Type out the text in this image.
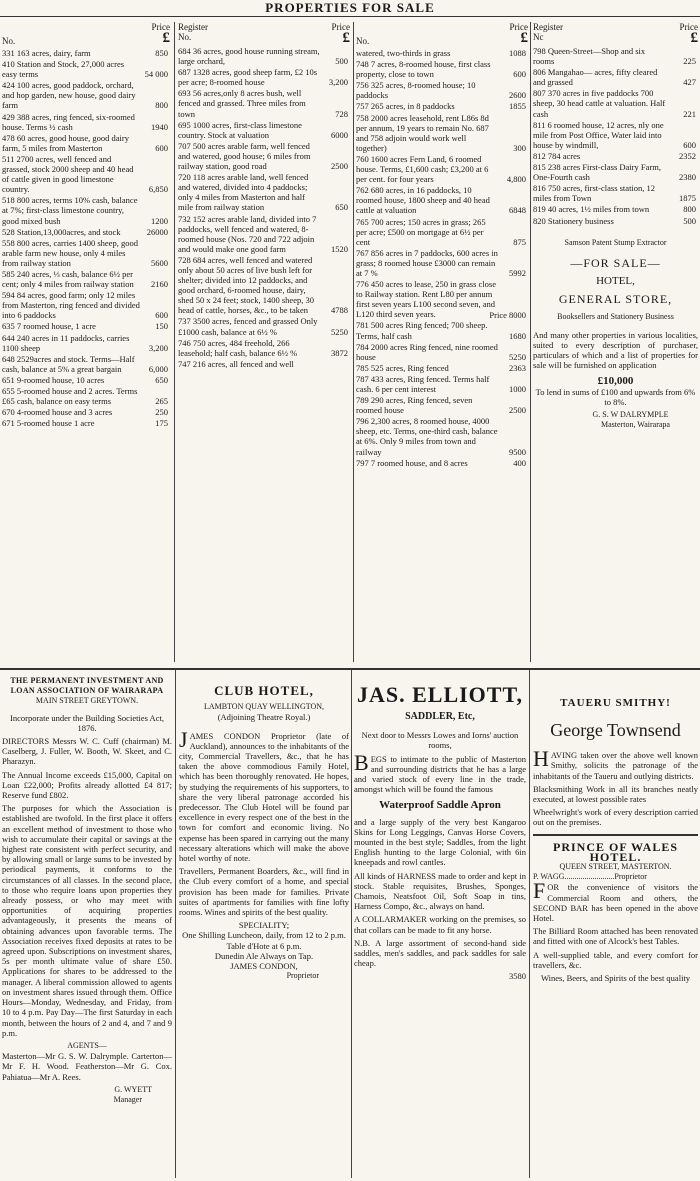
PROPERTIES FOR SALE
No.
Price
£
331 163 acres, dairy, farm	850
410 Station and Stock, 27,000 acres easy terms	54 000
424 100 acres, good paddock, orchard, and hop garden, new house, good dairy farm	800
429 388 acres, ring fenced, six-roomed house. Terms ½ cash	1940
478 60 acres, good house, good dairy farm, 5 miles from Masterton	600
511 2700 acres, well fenced and grassed, stock 2000 sheep and 40 head of cattle given in good limestone country.	6,850
518 800 acres, terms 10% cash, balance at 7%; first-class limestone country, good mixed bush	1200
528 Station,13,000acres, and stock	26000
558 800 acres, carries 1400 sheep, good arable farm new house, only 4 miles from railway station	5600
585 240 acres, ⅓ cash, balance 6½ per cent; only 4 miles from railway station 2160
594 84 acres, good farm; only 12 miles from Masterton, ring fenced and divided into 6 paddocks	600
635 7 roomed house, 1 acre	150
644 240 acres in 11 paddocks, carries 1100 sheep	3,200
648 2529acres and stock. Terms—Half cash, balance at 5% a great bargain	6,000
651 9-roomed house, 10 acres	650
655 5-roomed house and 2 acres. Terms £65 cash, balance on easy terms	265
670 4-roomed house and 3 acres	250
671 5-roomed house 1 acre	175
Register
No.
Price
£
684 36 acres, good house running stream, large orchard,	500
687 1328 acres, good sheep farm, £2 10s per acre; 8-roomed house	3,200
693 56 acres,only 8 acres bush, well fenced and grassed. Three miles from town	728
695 1000 acres, first-class limestone country. Stock at valuation	6000
707 500 acres arable farm, well fenced and watered, good house; 6 miles from railway station, good road	2500
720 118 acres arable land, well fenced and watered, divided into 4 paddocks; only 4 miles from Masterton and half mile from railway station	650
732 152 acres arable land, divided into 7 paddocks, well fenced and watered, 8-roomed house (Nos. 720 and 722 adjoin and would make one good farm	1520
728 684 acres, well fenced and watered only about 50 acres of live bush left for shelter; divided into 12 paddocks, and good orchard, 6-roomed house, dairy, shed 50 x 24 feet; stock, 1400 sheep, 30 head of cattle, horses, &c., to be taken	4788
737 3500 acres, fenced and grassed Only £1000 cash, balance at 6½ %	5250
746 750 acres, 484 freehold, 266 leasehold; half cash, balance 6½ %	3872
747 216 acres, all fenced and well
No.
Price
£
watered, two-thirds in grass	1088
748 7 acres, 8-roomed house, first class property, close to town	600
756 325 acres, 8-roomed house; 10 paddocks	2600
757 265 acres, in 8 paddocks	1855
758 2000 acres leasehold, rent L86s 8d per annum, 19 years to remain No. 687 and 758 adjoin would work well together)	300
760 1600 acres Fern Land, 6 roomed house. Terms, £1,600 cash; £3,200 at 6 per cent. for four years	4,800
762 680 acres, in 16 paddocks, 10 roomed house, 1800 sheep and 40 head cattle at valuation	6848
765 700 acres; 150 acres in grass; 265 per acre; £500 on mortgage at 6½ per cent	875
767 856 acres in 7 paddocks, 600 acres in grass; 8 roomed house £3000 can remain at 7 %	5992
776 450 acres to lease, 250 in grass close to Railway station. Rent L80 per annum first seven years L100 second seven, and L120 third seven years.	Price 8000
781 500 acres Ring fenced; 700 sheep. Terms, half cash	1680
784 2000 acres Ring fenced, nine roomed house	5250
785 525 acres, Ring fenced	2363
787 433 acres, Ring fenced. Terms half cash. 6 per cent interest	1000
789 290 acres, Ring fenced, seven roomed house	2500
796 2,300 acres, 8 roomed house, 4000 sheep, etc. Terms, one-third cash, balance at 6%. Only 9 miles from town and railway	9500
797 7 roomed house, and 8 acres	400
Register
Nc
Price
£
798 Queen-Street—Shop and six rooms	225
806 Mangahao— acres, fifty cleared and grassed	427
807 370 acres in five paddocks 700 sheep, 30 head cattle at valuation. Half cash	221
811 6 roomed house, 12 acres, nly one mile from Post Office, Water laid into house by windmill,	600
812 784 acres	2352
815 238 acres First-class Dairy Farm, One-Fourth cash	2380
816 750 acres, first-class station, 12 miles from Town	1875
819 40 acres, 1½ miles from town	800
820 Stationery business	500
Samson Patent Stump Extractor
—FOR SALE—
HOTEL,
GENERAL STORE,
Booksellers and Stationery Business

And many other properties in various localities, suited to every description of purchaser, particulars of which and a list of properties for sale will be furnished on application

£10,000

To lend in sums of £100 and upwards from 6% to 8%.

G. S. W DALRYMPLE
Masterton, Wairarapa
THE PERMANENT INVESTMENT AND LOAN ASSOCIATION OF WAIRARAPA
MAIN STREET GREYTOWN.

Incorporate under the Building Societies Act, 1876.

DIRECTORS Messrs W. C. Cuff (chairman) M. Caselberg, J. Fuller, W. Booth, W. Skeet, and C. Pharazyn.

The Annual Income exceeds £15,000, Capital on Loan £22,000; Profits already allotted £4 817; Reserve fund £802.

The purposes for which the Association is established are twofold. In the first place it offers an excellent method of investment to those who wish to accumulate their capital or savings at the highest rate consistent with perfect security, and by allowing small or large sums to be invested by periodical payments, it conforms to the circumstances of all classes. In the second place, to those who require loans upon properties they already possess, or who may meet with opportunities of acquiring properties advantageously, it presents the means of obtaining advances upon favorable terms. The Association receives fixed deposits at rates to be agreed upon. Subscriptions on investment shares, 5s per month ultimate value of share £50. Applications for shares to be addressed to the manager. A liberal commission allowed to agents on investment shares issued through them. Office Hours—Monday, Wednesday, and Friday, from 10 to 4 p.m. Pay Day—The first Saturday in each month, between the hours of 2 and 4, and 7 and 9 p.m.

AGENTS—

Masterton—Mr G. S. W. Dalrymple. Carterton—Mr F. H. Wood. Featherston—Mr G. Cox. Pahiatua—Mr A. Rees.

G. WYETT
Manager
CLUB HOTEL,
LAMBTON QUAY WELLINGTON,
(Adjoining Theatre Royal.)

JAMES CONDON Proprietor (late of Auckland), announces to the inhabitants of the city, Commercial Travellers, &c., that he has taken the above commodious Family Hotel, which has been thoroughly renovated. He hopes, by studying the requirements of his supporters, to share the very liberal patronage accorded his predecessor. The Club Hotel will be found par excellence in every respect one of the best in the town for comfort and economic living. No expense has been spared in carrying out the many necessary alterations which will make the above hotel worthy of note.

Travellers, Permanent Boarders, &c., will find in the Club every comfort of a home, and special provision has been made for families. Private suites of apartments for families with fine lofty rooms. Wines and spirits of the best quality.

SPECIALITY;
One Shilling Luncheon, daily, from 12 to 2 p.m.
Table d'Hote at 6 p.m.
Dunedin Ale Always on Tap.
JAMES CONDON,
Proprietor
JAS. ELLIOTT,
SADDLER, Etc,

Next door to Messrs Lowes and Iorns' auction rooms,

BEGS to intimate to the public of Masterton and surrounding districts that he has a large and varied stock of every line in the trade, amongst which will be found the famous

Waterproof Saddle Apron

and a large supply of the very best Kangaroo Skins for Long Leggings, Canvas Horse Covers, mounted in the best style; Saddles, from the light English hunting to the large Colonial, with 6in kneepads and rowl cantles.

All kinds of HARNESS made to order and kept in stock. Stable requisites, Brushes, Sponges, Chamois, Neatsfoot Oil, Soft Soap in tins, Harness Compo, &c., always on hand.

A COLLARMAKER working on the premises, so that collars can be made to fit any horse.

N.B. A large assortment of second-hand side saddles, men's saddles, and pack saddles for sale cheap.

3580
TAUERU SMITHY!
George Townsend

HAVING taken over the above well known Smithy, solicits the patronage of the inhabitants of the Taueru and outlying districts.

Blacksmithing Work in all its branches neatly executed, at lowest possible rates

Wheelwright's work of every description carried out on the premises.

PRINCE OF WALES HOTEL.
QUEEN STREET, MASTERTON.
P. WAGG.........................Proprietor

FOR the convenience of visitors the Commercial Room and others, the SECOND BAR has been opened in the above Hotel.

The Billiard Room attached has been renovated and fitted with one of Alcock's best Tables.

A well-supplied table, and every comfort for travellers, &c.

Wines, Beers, and Spirits of the best quality
